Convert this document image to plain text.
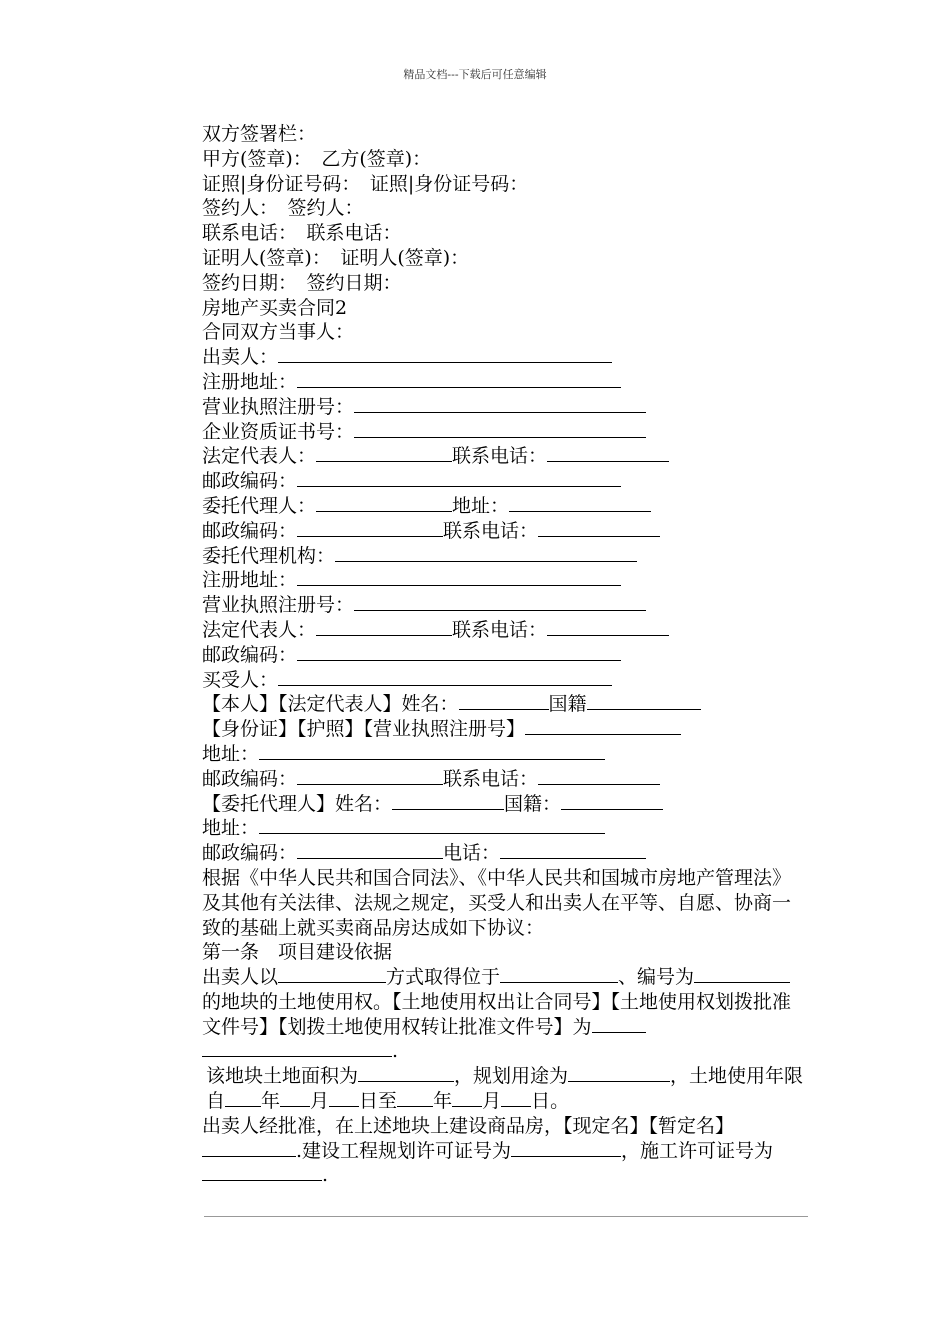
精品文档---下载后可任意编辑
双方签署栏：
甲方(签章)：　乙方(签章)：
证照|身份证号码：　证照|身份证号码：
签约人：　签约人：
联系电话：　联系电话：
证明人(签章)：　证明人(签章)：
签约日期：　签约日期：
房地产买卖合同2
合同双方当事人：
出卖人：
注册地址：
营业执照注册号：
企业资质证书号：
法定代表人：	联系电话：
邮政编码：
委托代理人：	地址：
邮政编码：	联系电话：
委托代理机构：
注册地址：
营业执照注册号：
法定代表人：	联系电话：
邮政编码：
买受人：
【本人】【法定代表人】姓名：	国籍
【身份证】【护照】【营业执照注册号】
地址：
邮政编码：	联系电话：
【委托代理人】姓名：	国籍：
地址：
邮政编码：	电话：
根据《中华人民共和国合同法》、《中华人民共和国城市房地产管理法》及其他有关法律、法规之规定，买受人和出卖人在平等、自愿、协商一致的基础上就买卖商品房达成如下协议：
第一条　项目建设依据
出卖人以	方式取得位于	、编号为的地块的土地使用权。【土地使用权出让合同号】【土地使用权划拨批准文件号】【划拨土地使用权转让批准文件号】为.
该地块土地面积为	，规划用途为	，土地使用年限自 年 月 日至 年 月 日。
出卖人经批准，在上述地块上建设商品房，【现定名】【暂定名】.建设工程规划许可证号为	，施工许可证号为.
